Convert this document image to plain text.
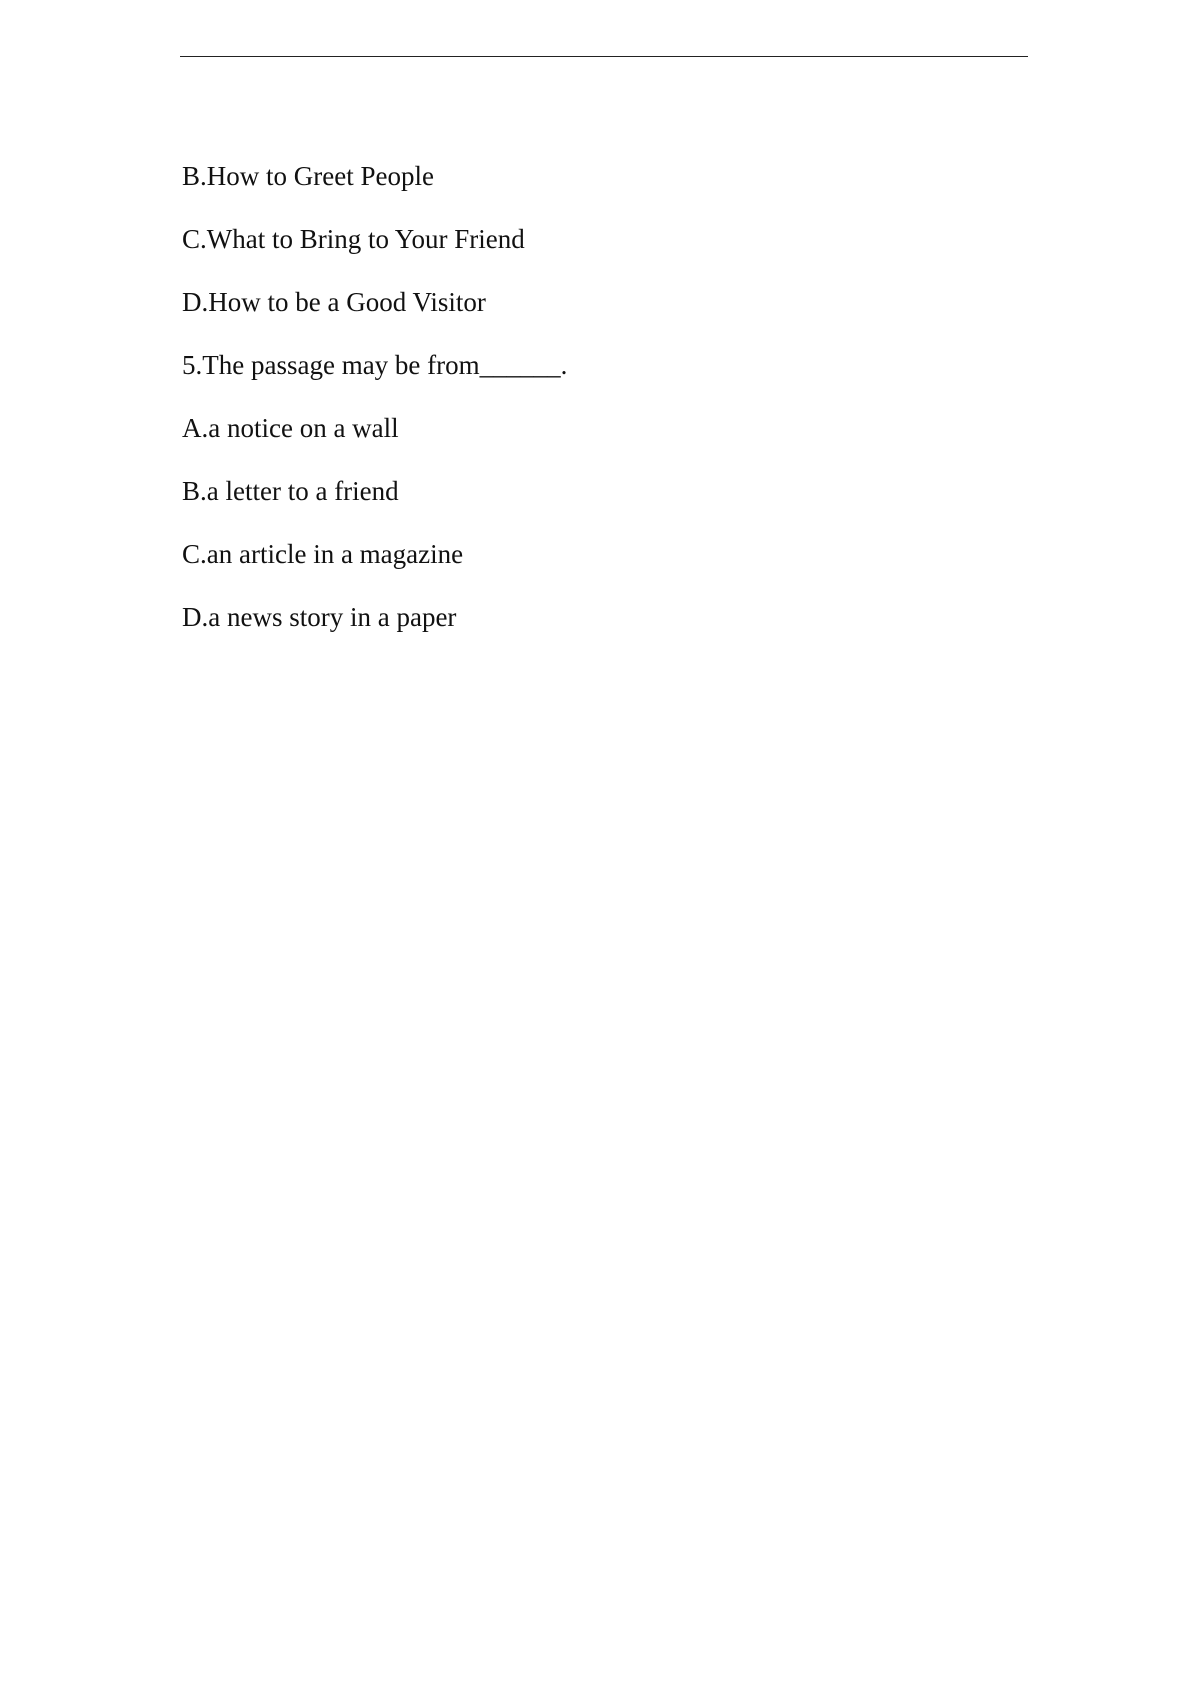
B.How to Greet People
C.What to Bring to Your Friend
D.How to be a Good Visitor
5.The passage may be from______.
A.a notice on a wall
B.a letter to a friend
C.an article in a magazine
D.a news story in a paper
